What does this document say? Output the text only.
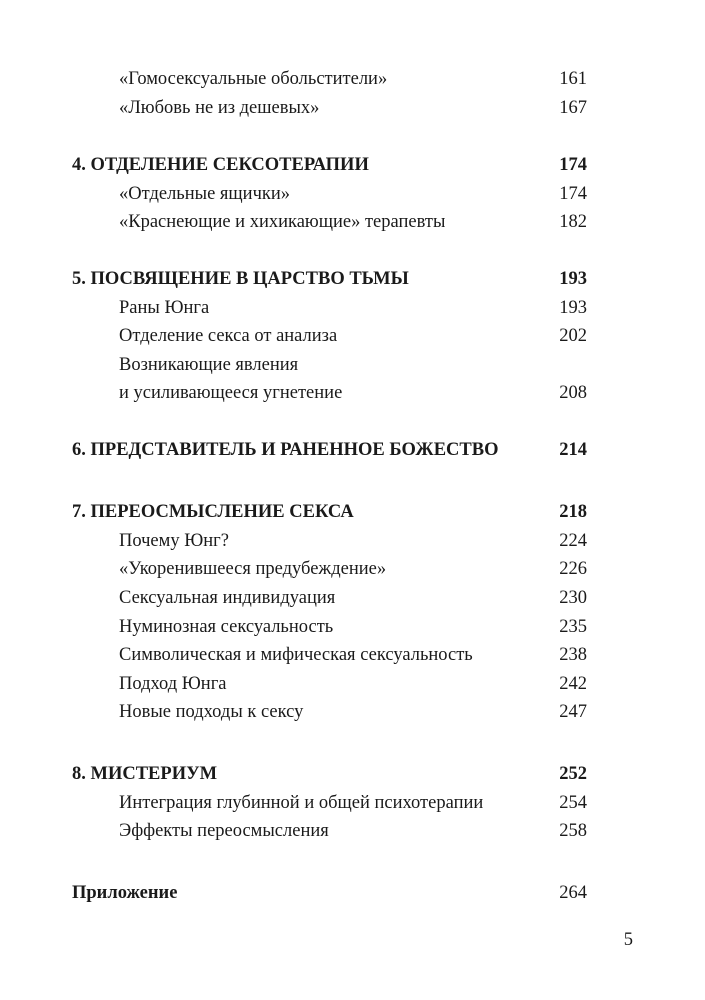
«Гомосексуальные обольстители»	161
«Любовь не из дешевых»	167
4. ОТДЕЛЕНИЕ СЕКСОТЕРАПИИ	174
«Отдельные ящички»	174
«Краснеющие и хихикающие» терапевты	182
5. ПОСВЯЩЕНИЕ В ЦАРСТВО ТЬМЫ	193
Раны Юнга	193
Отделение секса от анализа	202
Возникающие явления
и усиливающееся угнетение	208
6. ПРЕДСТАВИТЕЛЬ И РАНЕННОЕ БОЖЕСТВО	214
7. ПЕРЕОСМЫСЛЕНИЕ СЕКСА	218
Почему Юнг?	224
«Укоренившееся предубеждение»	226
Сексуальная индивидуация	230
Нуминозная сексуальность	235
Символическая и мифическая сексуальность	238
Подход Юнга	242
Новые подходы к сексу	247
8. МИСТЕРИУМ	252
Интеграция глубинной и общей психотерапии	254
Эффекты переосмысления	258
Приложение	264
5
